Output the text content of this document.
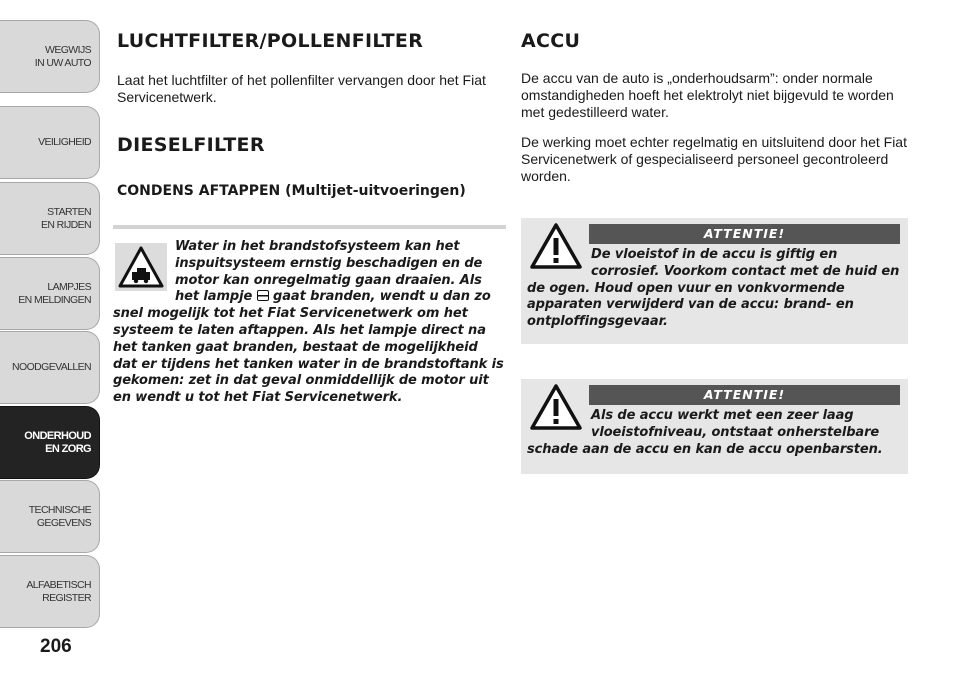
WEGWIJS
IN UW AUTO
VEILIGHEID
STARTEN
EN RIJDEN
LAMPJES
EN MELDINGEN
NOODGEVALLEN
ONDERHOUD
EN ZORG
TECHNISCHE
GEGEVENS
ALFABETISCH
REGISTER
206
LUCHTFILTER/POLLENFILTER

Laat het luchtfilter of het pollenfilter vervangen door het Fiat Servicenetwerk.

DIESELFILTER
CONDENS AFTAPPEN (Multijet-uitvoeringen)

Water in het brandstofsysteem kan het inspuitsysteem ernstig beschadigen en de motor kan onregelmatig gaan draaien. Als het lampje  gaat branden, wendt u dan zo snel mogelijk tot het Fiat Servicenetwerk om het systeem te laten aftappen. Als het lampje direct na het tanken gaat branden, bestaat de mogelijkheid dat er tijdens het tanken water in de brandstoftank is gekomen: zet in dat geval onmiddellijk de motor uit en wendt u tot het Fiat Servicenetwerk.

ACCU

De accu van de auto is „onderhoudsarm”: onder normale omstandigheden hoeft het elektrolyt niet bijgevuld te worden met gedestilleerd water.

De werking moet echter regelmatig en uitsluitend door het Fiat Servicenetwerk of gespecialiseerd personeel gecontroleerd worden.

ATTENTIE!

De vloeistof in de accu is giftig en corrosief. Voorkom contact met de huid en de ogen. Houd open vuur en vonkvormende apparaten verwijderd van de accu: brand- en ontploffingsgevaar.

ATTENTIE!

Als de accu werkt met een zeer laag vloeistofniveau, ontstaat onherstelbare schade aan de accu en kan de accu openbarsten.
